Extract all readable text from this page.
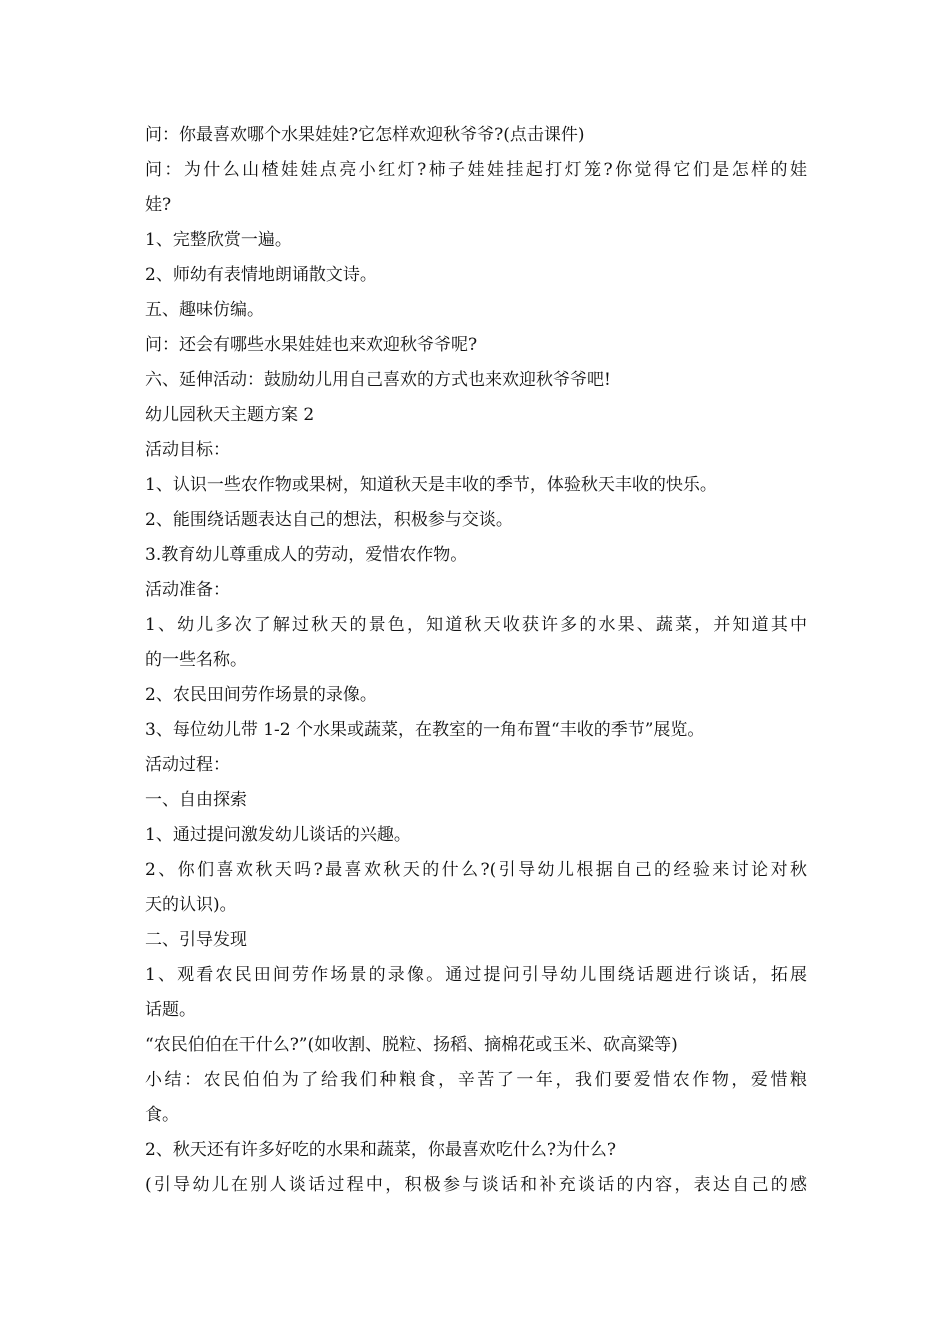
问：你最喜欢哪个水果娃娃?它怎样欢迎秋爷爷?(点击课件)
问：为什么山楂娃娃点亮小红灯?柿子娃娃挂起打灯笼?你觉得它们是怎样的娃
娃?
1、完整欣赏一遍。
2、师幼有表情地朗诵散文诗。
五、趣味仿编。
问：还会有哪些水果娃娃也来欢迎秋爷爷呢?
六、延伸活动：鼓励幼儿用自己喜欢的方式也来欢迎秋爷爷吧!
幼儿园秋天主题方案 2
活动目标：
1、认识一些农作物或果树，知道秋天是丰收的季节，体验秋天丰收的快乐。
2、能围绕话题表达自己的想法，积极参与交谈。
3.教育幼儿尊重成人的劳动，爱惜农作物。
活动准备：
1、幼儿多次了解过秋天的景色，知道秋天收获许多的水果、蔬菜，并知道其中
的一些名称。
2、农民田间劳作场景的录像。
3、每位幼儿带 1-2 个水果或蔬菜，在教室的一角布置“丰收的季节”展览。
活动过程：
一、自由探索
1、通过提问激发幼儿谈话的兴趣。
2、你们喜欢秋天吗?最喜欢秋天的什么?(引导幼儿根据自己的经验来讨论对秋
天的认识)。
二、引导发现
1、观看农民田间劳作场景的录像。通过提问引导幼儿围绕话题进行谈话，拓展
话题。
“农民伯伯在干什么?”(如收割、脱粒、扬稻、摘棉花或玉米、砍高粱等)
小结：农民伯伯为了给我们种粮食，辛苦了一年，我们要爱惜农作物，爱惜粮
食。
2、秋天还有许多好吃的水果和蔬菜，你最喜欢吃什么?为什么?
(引导幼儿在别人谈话过程中，积极参与谈话和补充谈话的内容，表达自己的感
